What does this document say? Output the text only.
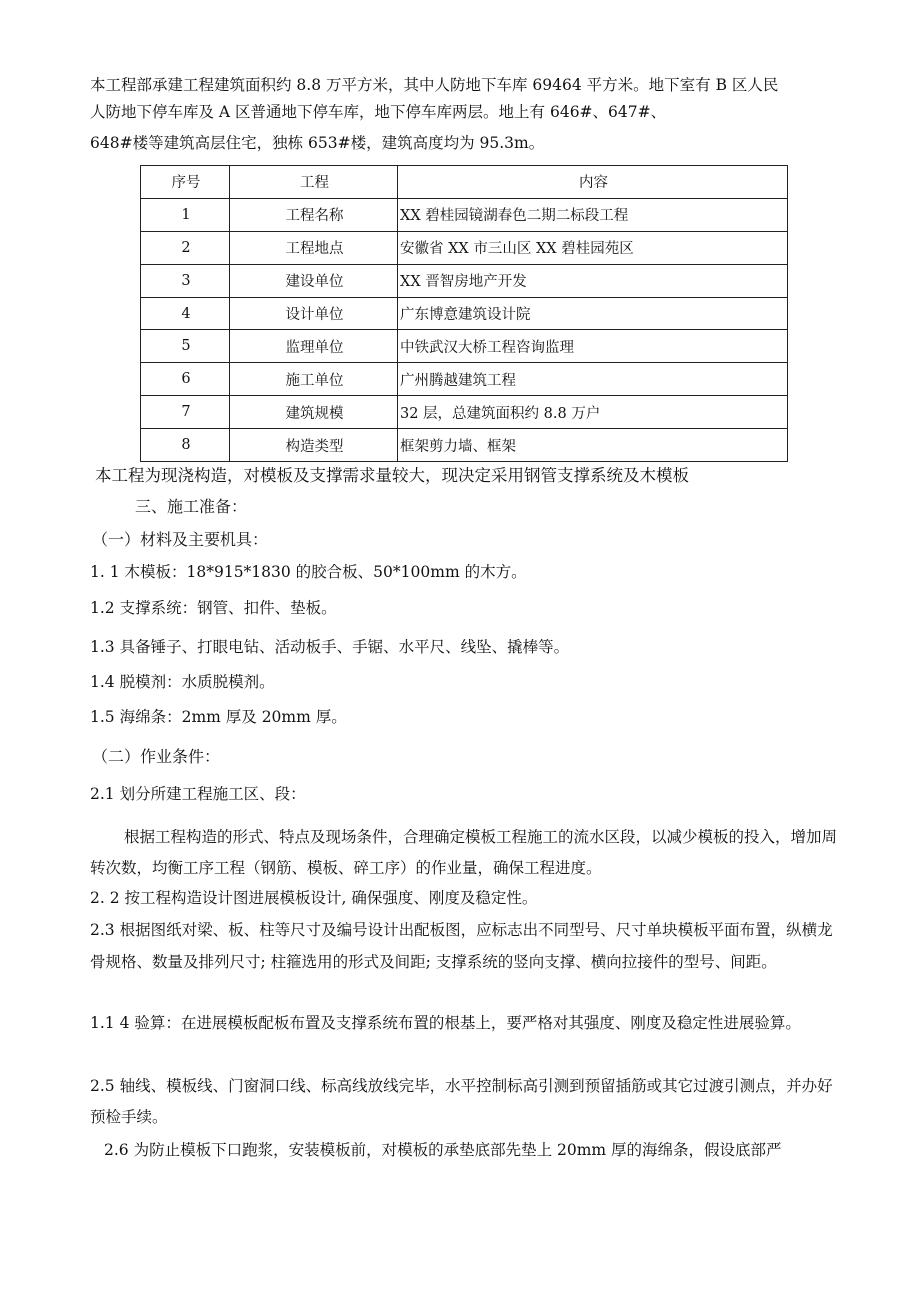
本工程部承建工程建筑面积约 8.8 万平方米，其中人防地下车库 69464 平方米。地下室有 B 区人民

人防地下停车库及 A 区普通地下停车库，地下停车库两层。地上有 646#、647#、

648#楼等建筑高层住宅，独栋 653#楼，建筑高度均为 95.3m。

序号	工程	内容
1	工程名称	XX 碧桂园镜湖春色二期二标段工程
2	工程地点	安徽省 XX 市三山区 XX 碧桂园苑区
3	建设单位	XX 晋智房地产开发
4	设计单位	广东博意建筑设计院
5	监理单位	中铁武汉大桥工程咨询监理
6	施工单位	广州腾越建筑工程
7	建筑规模	32 层，总建筑面积约 8.8 万户
8	构造类型	框架剪力墙、框架

本工程为现浇构造，对模板及支撑需求量较大，现决定采用钢管支撑系统及木模板

三、施工准备：

（一）材料及主要机具：

1. 1 木模板：18*915*1830 的胶合板、50*100mm 的木方。

1.2 支撑系统：钢管、扣件、垫板。

1.3 具备锤子、打眼电钻、活动板手、手锯、水平尺、线坠、撬棒等。

1.4 脱模剂：水质脱模剂。

1.5 海绵条：2mm 厚及 20mm 厚。

（二）作业条件：

2.1 划分所建工程施工区、段：

根据工程构造的形式、特点及现场条件，合理确定模板工程施工的流水区段，以减少模板的投入，增加周转次数，均衡工序工程（钢筋、模板、碎工序）的作业量，确保工程进度。

2. 2 按工程构造设计图进展模板设计, 确保强度、刚度及稳定性。

2.3 根据图纸对梁、板、柱等尺寸及编号设计出配板图，应标志出不同型号、尺寸单块模板平面布置，纵横龙骨规格、数量及排列尺寸; 柱箍选用的形式及间距; 支撑系统的竖向支撑、横向拉接件的型号、间距。

1.1 4 验算：在进展模板配板布置及支撑系统布置的根基上，要严格对其强度、刚度及稳定性进展验算。

2.5 轴线、模板线、门窗洞口线、标高线放线完毕，水平控制标高引测到预留插筋或其它过渡引测点，并办好预检手续。

2.6 为防止模板下口跑浆，安装模板前，对模板的承垫底部先垫上 20mm 厚的海绵条，假设底部严
